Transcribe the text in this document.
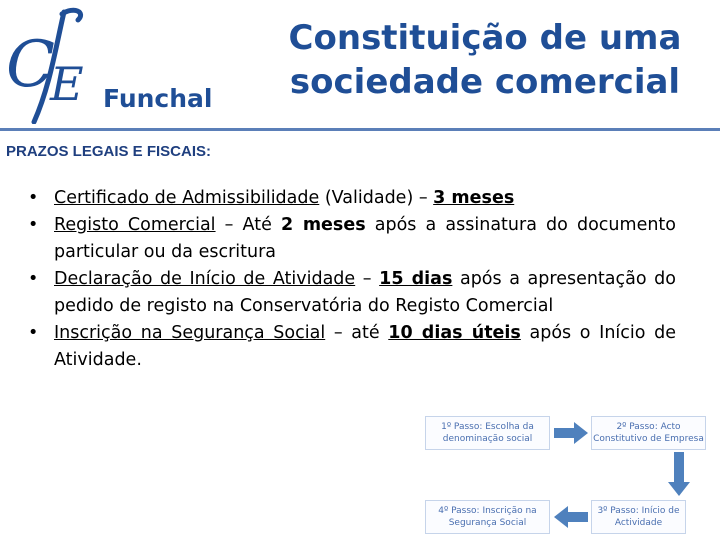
C
E Funchal
Constituição de uma
sociedade comercial
PRAZOS LEGAIS E FISCAIS:
• Certificado de Admissibilidade (Validade) – 3 meses
• Registo Comercial – Até 2 meses após a assinatura do documento particular ou da escritura
• Declaração de Início de Atividade – 15 dias após a apresentação do pedido de registo na Conservatória do Registo Comercial
• Inscrição na Segurança Social – até 10 dias úteis após o Início de Atividade.
1º Passo: Escolha da
denominação social
2º Passo: Acto
Constitutivo de Empresa
3º Passo: Início de
Actividade
4º Passo: Inscrição na
Segurança Social
